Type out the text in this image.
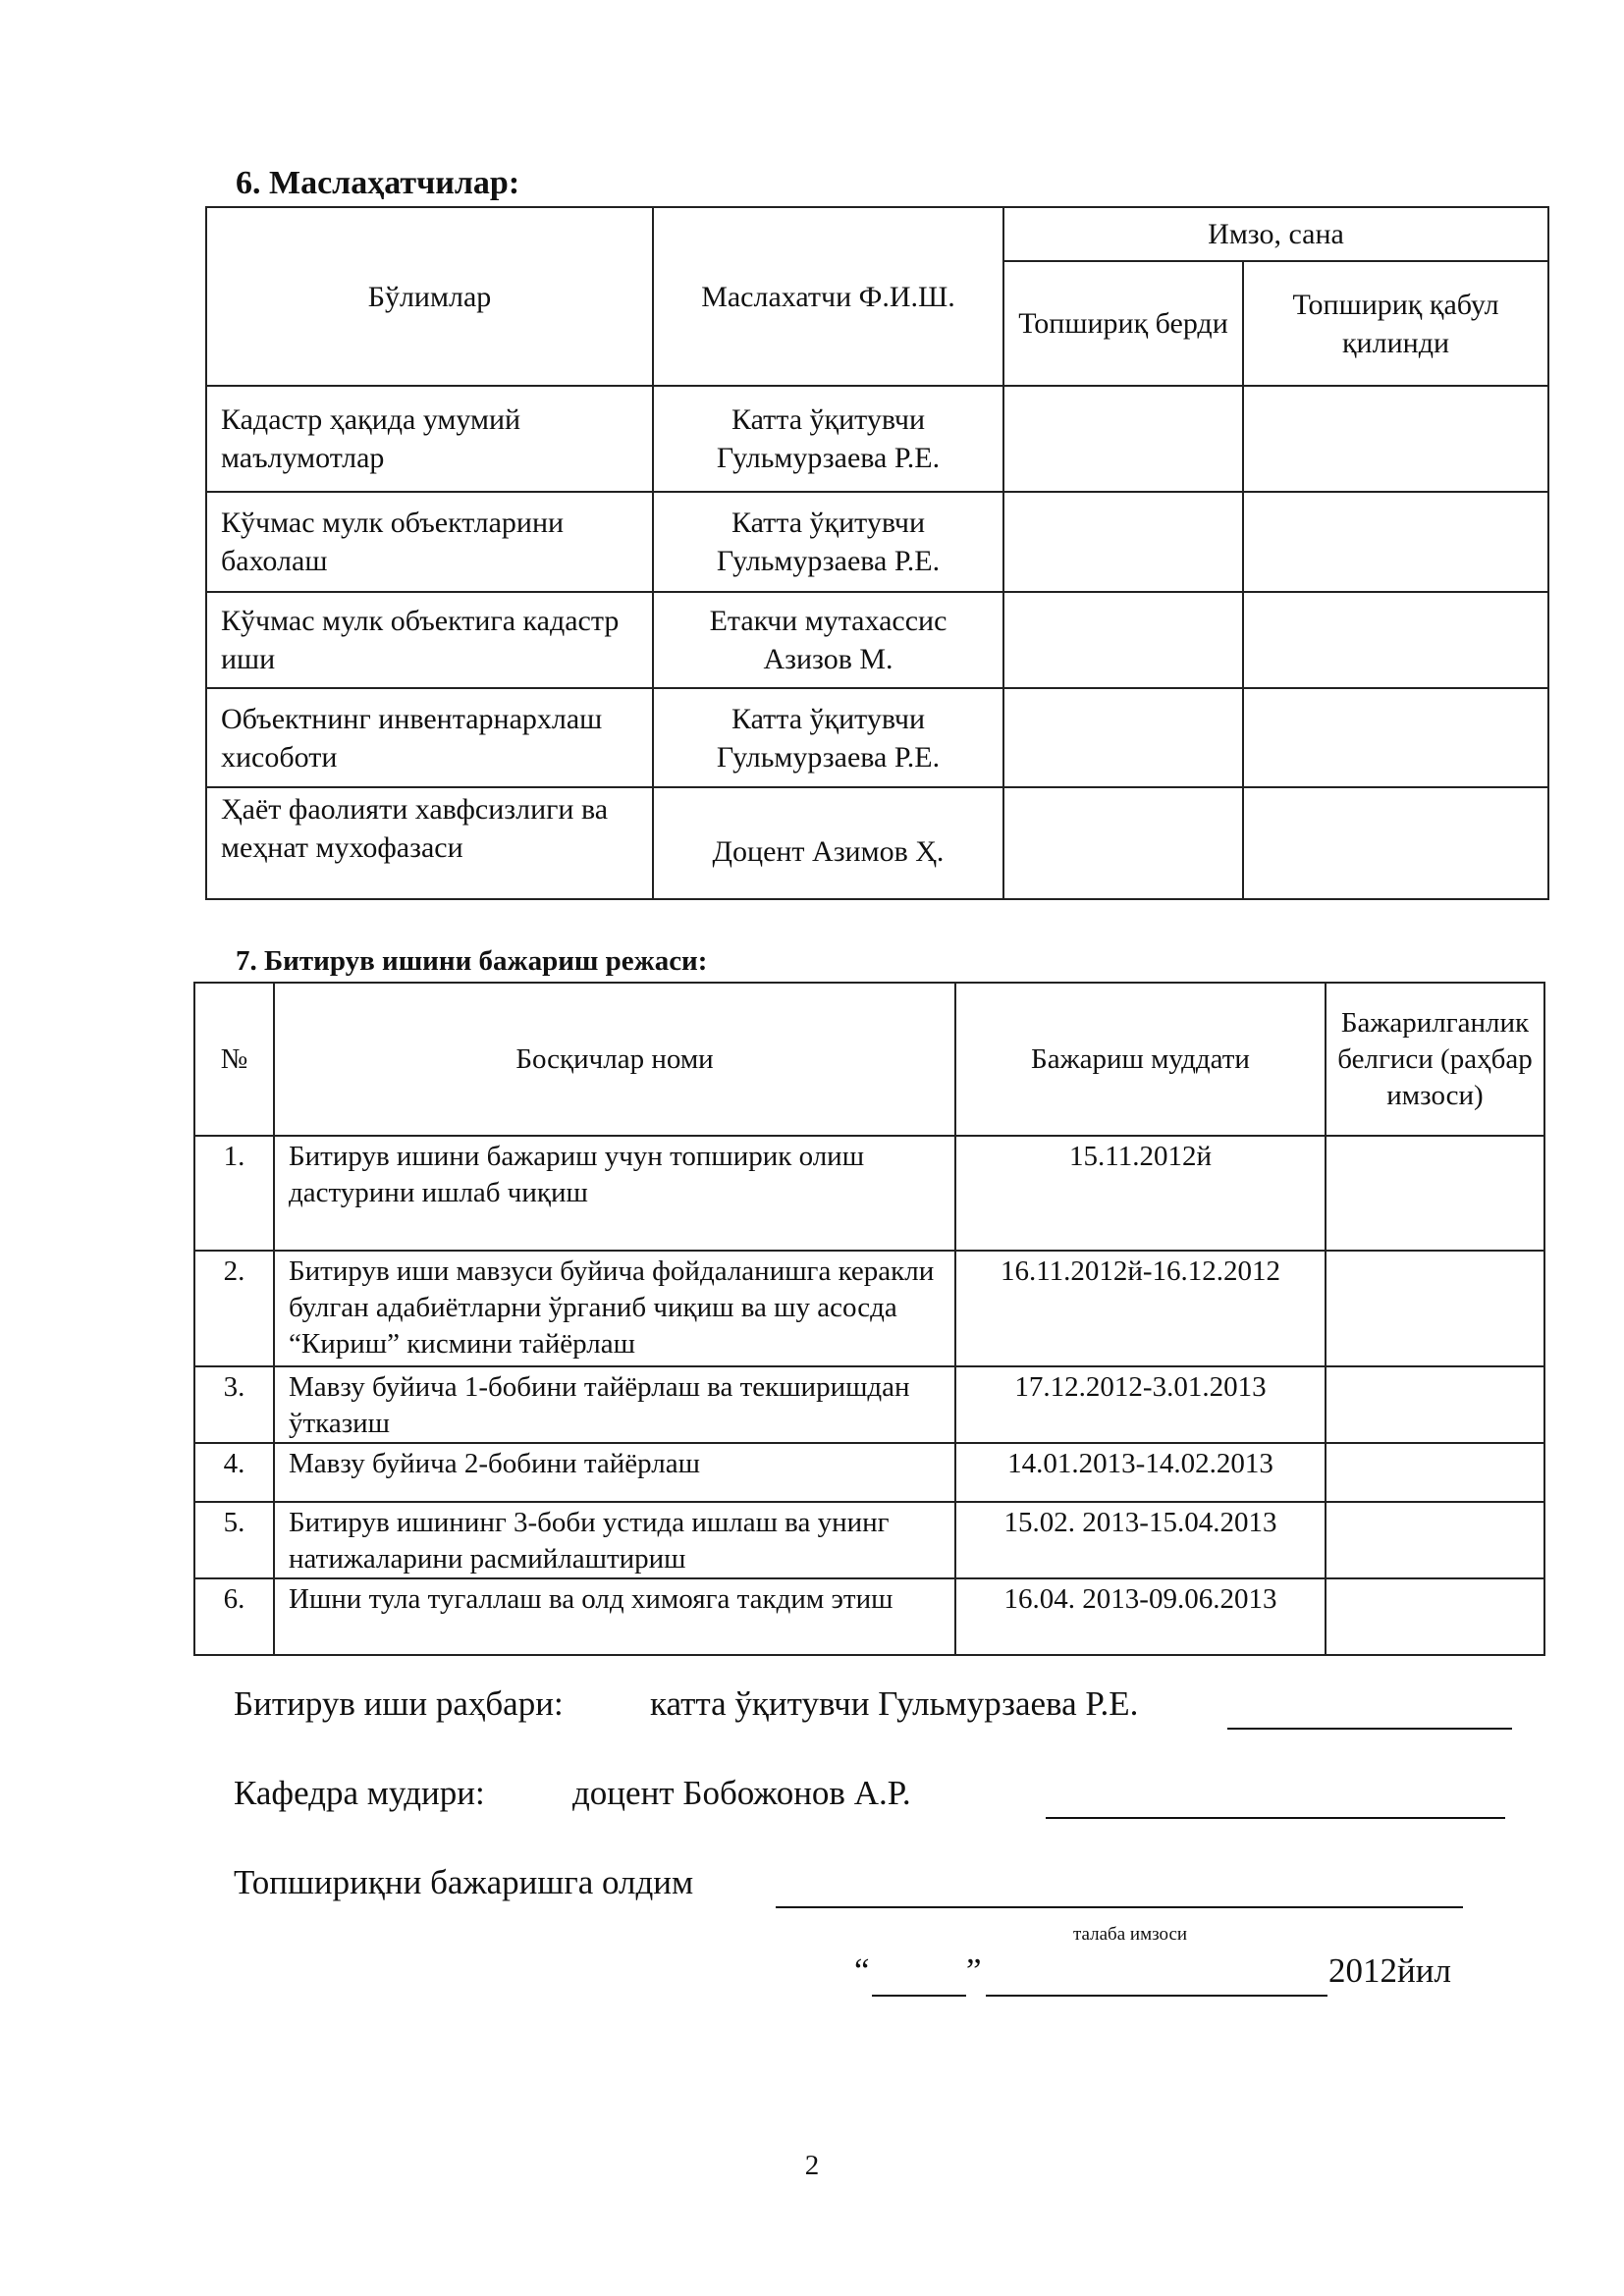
6. Маслаҳатчилар:
Бўлимлар	Маслахатчи Ф.И.Ш.	Имзо, сана	
		Топшириқ берди	Топшириқ қабул қилинди
Кадастр ҳақида умумий маълумотлар	Катта ўқитувчи Гульмурзаева Р.Е.		
Кўчмас мулк объектларини бахолаш	Катта ўқитувчи Гульмурзаева Р.Е.		
Кўчмас мулк объектига кадастр иши	Етакчи мутахассис Азизов М.		
Объектнинг инвентарнархлаш хисоботи	Катта ўқитувчи Гульмурзаева Р.Е.		
Ҳаёт фаолияти хавфсизлиги ва меҳнат мухофазаси	Доцент Азимов Ҳ.		
7. Битирув ишини бажариш режаси:
№	Босқичлар номи	Бажариш муддати	Бажарилганлик белгиси (раҳбар имзоси)
1.	Битирув ишини бажариш учун топширик олиш дастурини ишлаб чиқиш	15.11.2012й	
2.	Битирув иши мавзуси буйича фойдаланишга керакли булган адабиётларни ўрганиб чиқиш ва шу асосда “Кириш” кисмини тайёрлаш	16.11.2012й-16.12.2012	
3.	Мавзу буйича 1-бобини тайёрлаш ва текширишдан ўтказиш	17.12.2012-3.01.2013	
4.	Мавзу буйича 2-бобини тайёрлаш	14.01.2013-14.02.2013	
5.	Битирув ишининг 3-боби устида ишлаш ва унинг натижаларини расмийлаштириш	15.02. 2013-15.04.2013	
6.	Ишни тула тугаллаш ва олд химояга такдим этиш	16.04. 2013-09.06.2013	
Битирув иши раҳбари:	катта ўқитувчи Гульмурзаева Р.Е.
Кафедра мудири:	доцент Бобожонов А.Р.
Топшириқни бажаришга олдим
талаба имзоси
“	”	2012йил
2
